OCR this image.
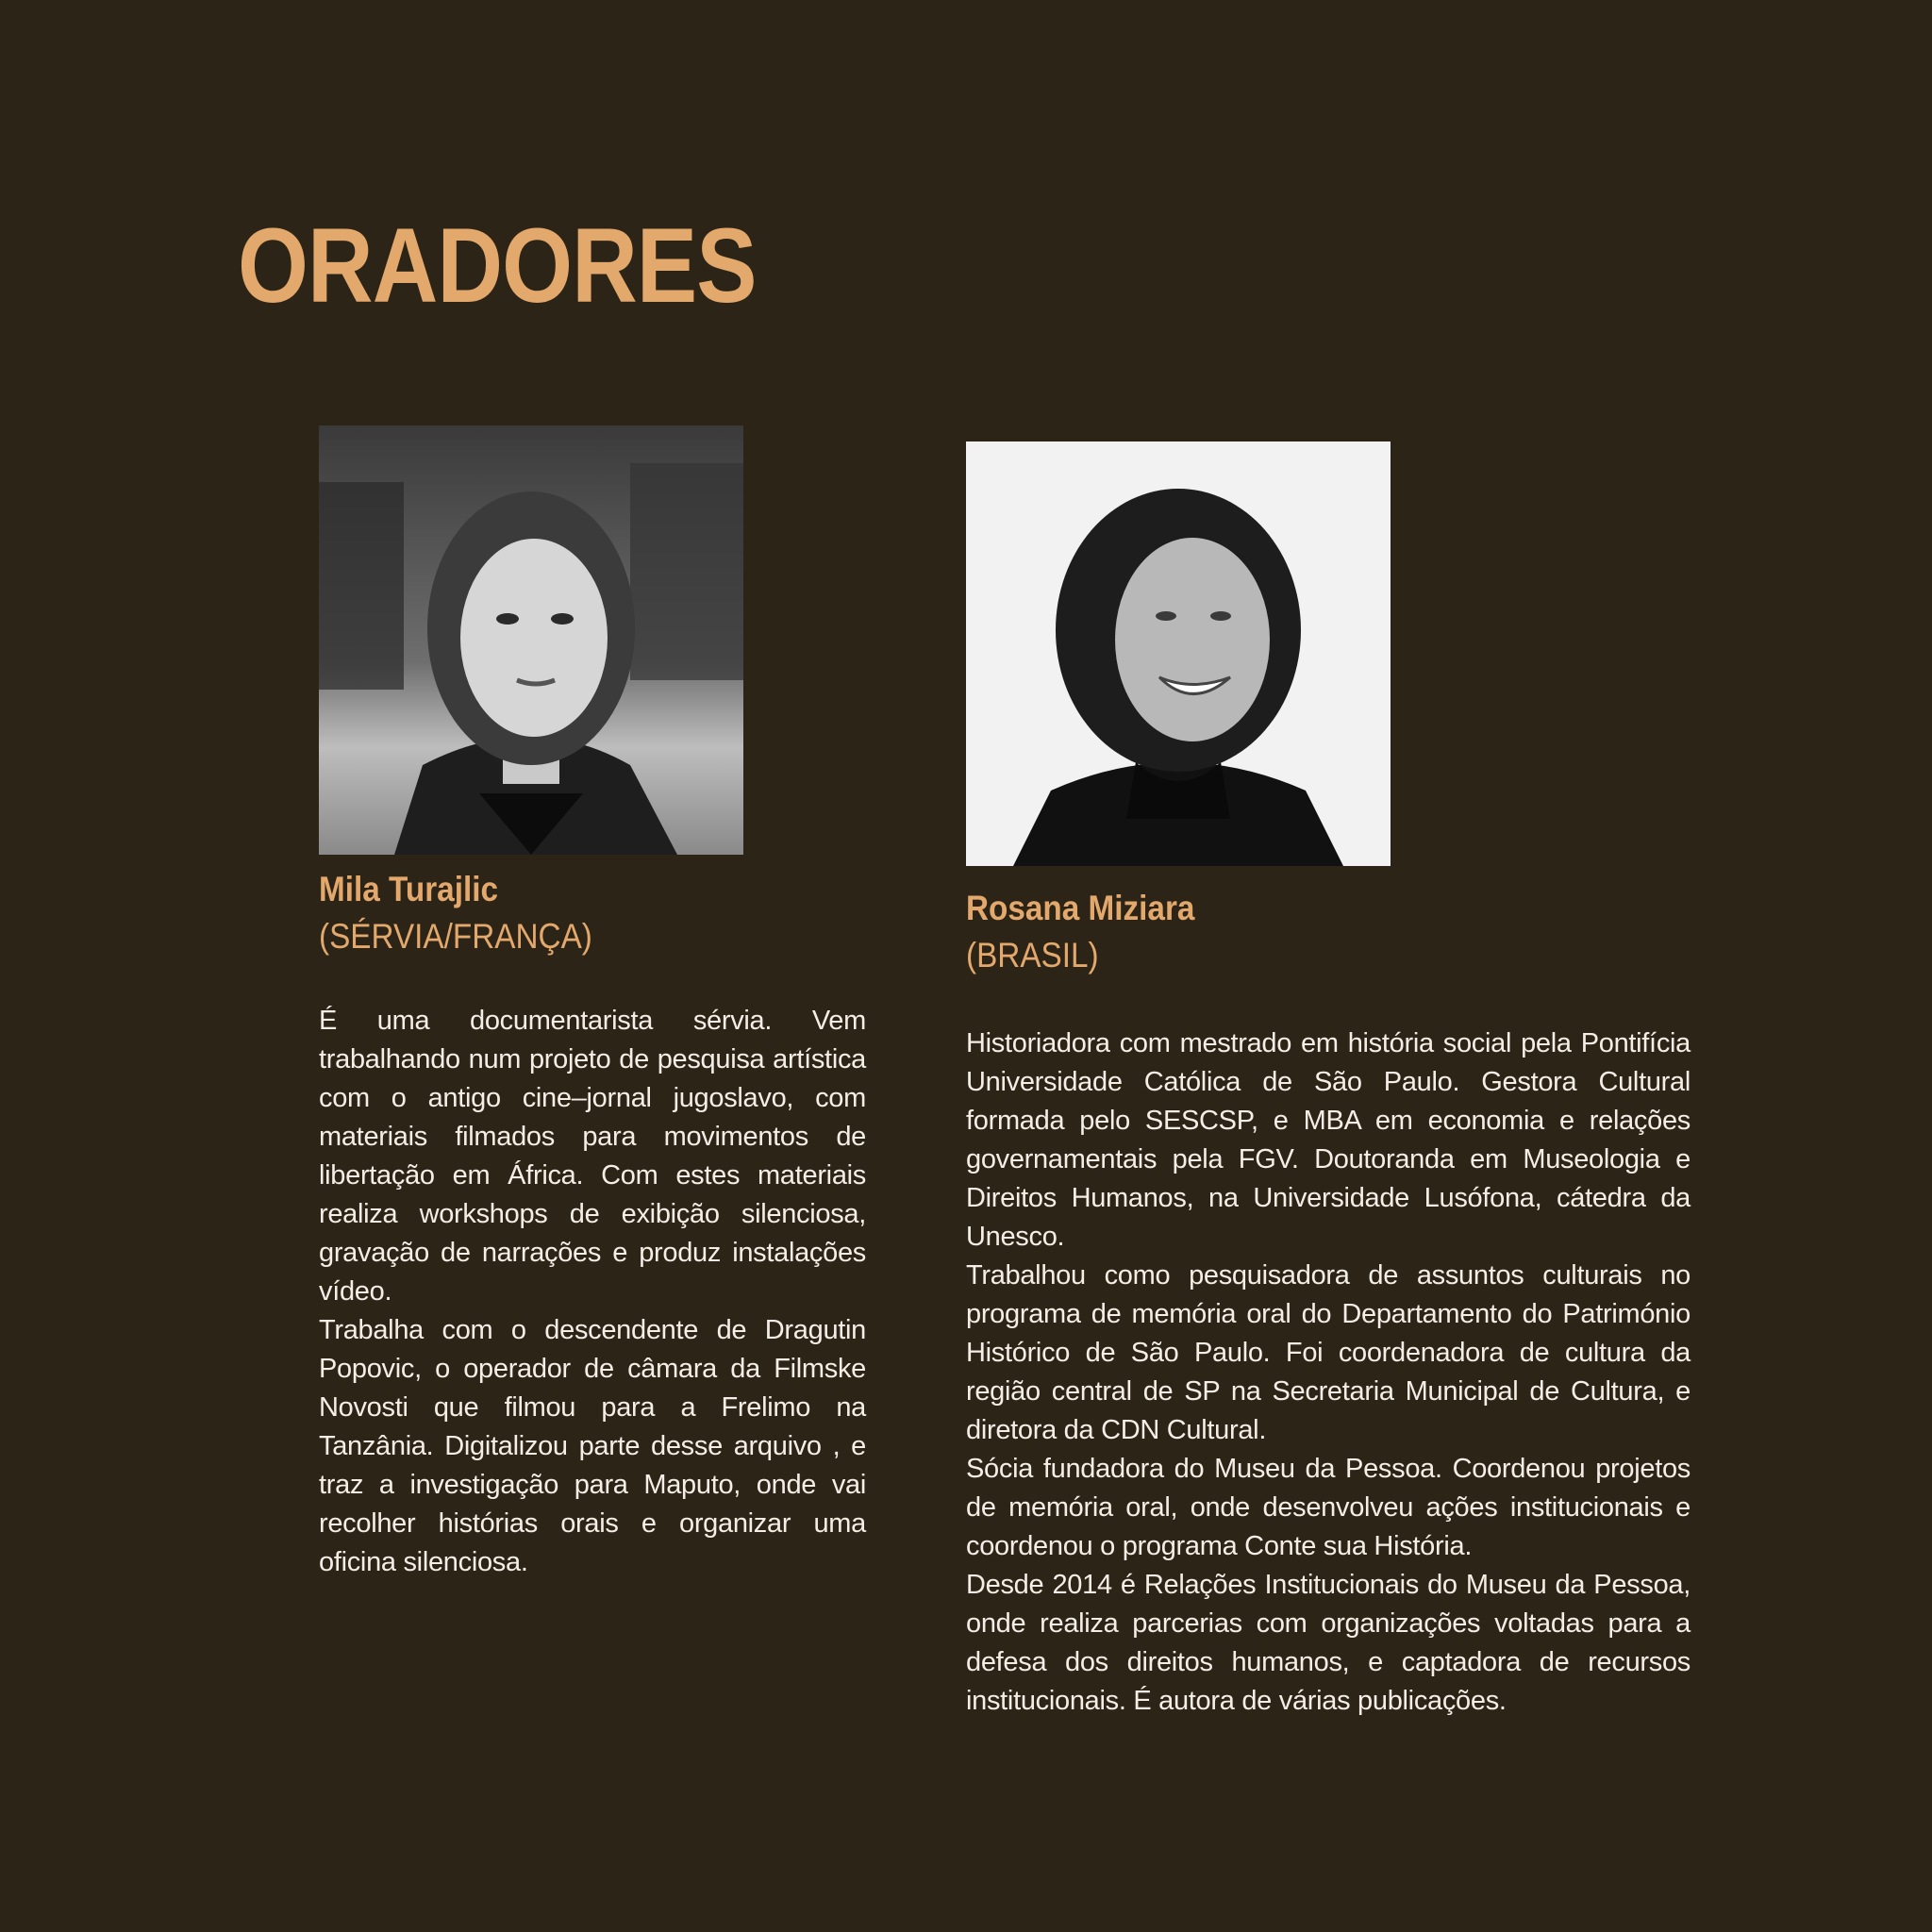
ORADORES
Mila Turajlic
(SÉRVIA/FRANÇA)

É uma documentarista sérvia. Vem trabalhando num projeto de pesquisa artística com o antigo cine–jornal jugoslavo, com materiais filmados para movimentos de libertação em África. Com estes materiais realiza workshops de exibição silenciosa, gravação de narrações e produz instalações vídeo.

Trabalha com o descendente de Dragutin Popovic, o operador de câmara da Filmske Novosti que filmou para a Frelimo na Tanzânia. Digitalizou parte desse arquivo , e traz a investigação para Maputo, onde vai recolher histórias orais e organizar uma oficina silenciosa.

Rosana Miziara
(BRASIL)

Historiadora com mestrado em história social pela Pontifícia Universidade Católica de São Paulo. Gestora Cultural formada pelo SESCSP, e MBA em economia e relações governamentais pela FGV. Doutoranda em Museologia e Direitos Humanos, na Universidade Lusófona, cátedra da Unesco.

Trabalhou como pesquisadora de assuntos culturais no programa de memória oral do Departamento do Património Histórico de São Paulo. Foi coordenadora de cultura da região central de SP na Secretaria Municipal de Cultura, e diretora da CDN Cultural.

Sócia fundadora do Museu da Pessoa. Coordenou projetos de memória oral, onde desenvolveu ações institucionais e coordenou o programa Conte sua História.

Desde 2014 é Relações Institucionais do Museu da Pessoa, onde realiza parcerias com organizações voltadas para a defesa dos direitos humanos, e captadora de recursos institucionais. É autora de várias publicações.
